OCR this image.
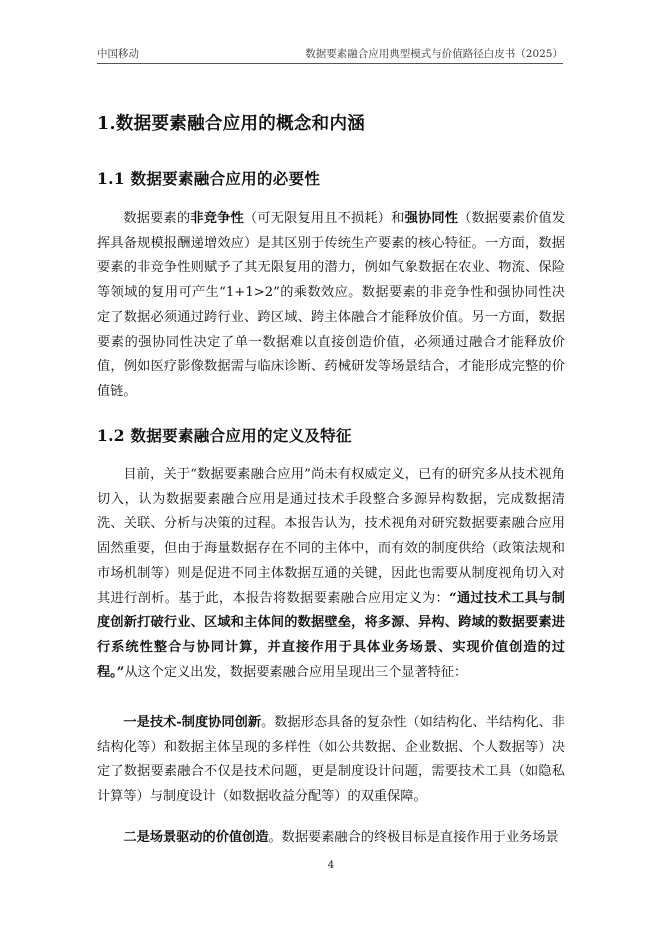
中国移动	数据要素融合应用典型模式与价值路径白皮书（2025）
1.数据要素融合应用的概念和内涵
1.1 数据要素融合应用的必要性

数据要素的非竞争性（可无限复用且不损耗）和强协同性（数据要素价值发挥具备规模报酬递增效应）是其区别于传统生产要素的核心特征。一方面，数据要素的非竞争性则赋予了其无限复用的潜力，例如气象数据在农业、物流、保险等领域的复用可产生“1+1>2”的乘数效应。数据要素的非竞争性和强协同性决定了数据必须通过跨行业、跨区域、跨主体融合才能释放价值。另一方面，数据要素的强协同性决定了单一数据难以直接创造价值，必须通过融合才能释放价值，例如医疗影像数据需与临床诊断、药械研发等场景结合，才能形成完整的价值链。

1.2 数据要素融合应用的定义及特征

目前，关于“数据要素融合应用”尚未有权威定义，已有的研究多从技术视角切入，认为数据要素融合应用是通过技术手段整合多源异构数据，完成数据清洗、关联、分析与决策的过程。本报告认为，技术视角对研究数据要素融合应用固然重要，但由于海量数据存在不同的主体中，而有效的制度供给（政策法规和市场机制等）则是促进不同主体数据互通的关键，因此也需要从制度视角切入对其进行剖析。基于此，本报告将数据要素融合应用定义为：“通过技术工具与制度创新打破行业、区域和主体间的数据壁垒，将多源、异构、跨域的数据要素进行系统性整合与协同计算，并直接作用于具体业务场景、实现价值创造的过程。”从这个定义出发，数据要素融合应用呈现出三个显著特征：

一是技术-制度协同创新。数据形态具备的复杂性（如结构化、半结构化、非结构化等）和数据主体呈现的多样性（如公共数据、企业数据、个人数据等）决定了数据要素融合不仅是技术问题，更是制度设计问题，需要技术工具（如隐私计算等）与制度设计（如数据收益分配等）的双重保障。

二是场景驱动的价值创造。数据要素融合的终极目标是直接作用于业务场景

4
